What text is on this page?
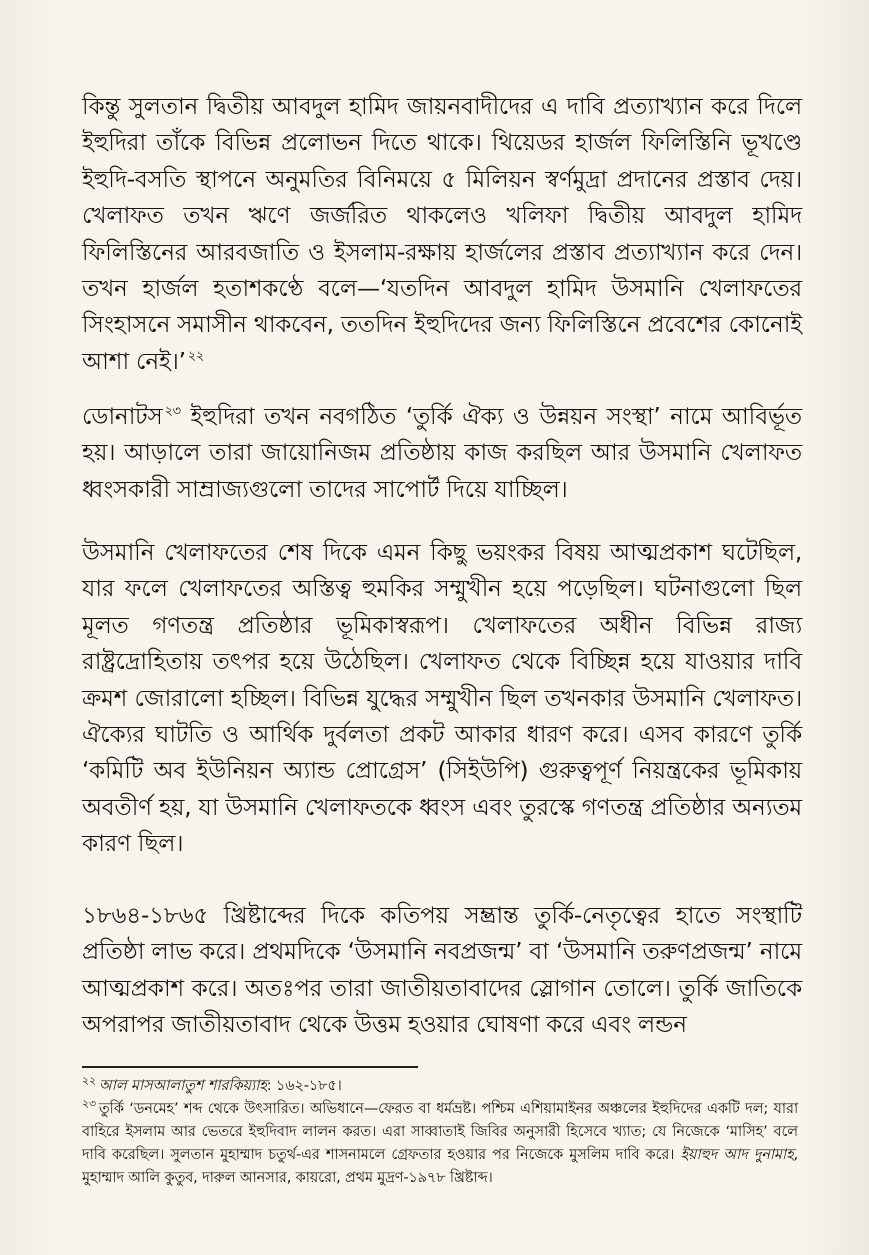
কিন্তু সুলতান দ্বিতীয় আবদুল হামিদ জায়নবাদীদের এ দাবি প্রত্যাখ্যান করে দিলে ইহুদিরা তাঁকে বিভিন্ন প্রলোভন দিতে থাকে। থিয়েডর হার্জল ফিলিস্তিনি ভূখণ্ডে ইহুদি-বসতি স্থাপনে অনুমতির বিনিময়ে ৫ মিলিয়ন স্বর্ণমুদ্রা প্রদানের প্রস্তাব দেয়। খেলাফত তখন ঋণে জর্জরিত থাকলেও খলিফা দ্বিতীয় আবদুল হামিদ ফিলিস্তিনের আরবজাতি ও ইসলাম-রক্ষায় হার্জলের প্রস্তাব প্রত্যাখ্যান করে দেন। তখন হার্জল হতাশকণ্ঠে বলে—‘যতদিন আবদুল হামিদ উসমানি খেলাফতের সিংহাসনে সমাসীন থাকবেন, ততদিন ইহুদিদের জন্য ফিলিস্তিনে প্রবেশের কোনোই আশা নেই।’ $^{২২}$

ডোনাটস $^{২৩}$ ইহুদিরা তখন নবগঠিত ‘তুর্কি ঐক্য ও উন্নয়ন সংস্থা’ নামে আবির্ভূত হয়। আড়ালে তারা জায়োনিজম প্রতিষ্ঠায় কাজ করছিল আর উসমানি খেলাফত ধ্বংসকারী সাম্রাজ্যগুলো তাদের সাপোর্ট দিয়ে যাচ্ছিল।

উসমানি খেলাফতের শেষ দিকে এমন কিছু ভয়ংকর বিষয় আত্মপ্রকাশ ঘটেছিল, যার ফলে খেলাফতের অস্তিত্ব হুমকির সম্মুখীন হয়ে পড়েছিল। ঘটনাগুলো ছিল মূলত গণতন্ত্র প্রতিষ্ঠার ভূমিকাস্বরূপ। খেলাফতের অধীন বিভিন্ন রাজ্য রাষ্ট্রদ্রোহিতায় তৎপর হয়ে উঠেছিল। খেলাফত থেকে বিচ্ছিন্ন হয়ে যাওয়ার দাবি ক্রমশ জোরালো হচ্ছিল। বিভিন্ন যুদ্ধের সম্মুখীন ছিল তখনকার উসমানি খেলাফত। ঐক্যের ঘাটতি ও আর্থিক দুর্বলতা প্রকট আকার ধারণ করে। এসব কারণে তুর্কি ‘কমিটি অব ইউনিয়ন অ্যান্ড প্রোগ্রেস’ (সিইউপি) গুরুত্বপূর্ণ নিয়ন্ত্রকের ভূমিকায় অবতীর্ণ হয়, যা উসমানি খেলাফতকে ধ্বংস এবং তুরস্কে গণতন্ত্র প্রতিষ্ঠার অন্যতম কারণ ছিল।

১৮৬৪-১৮৬৫ খ্রিষ্টাব্দের দিকে কতিপয় সম্ভ্রান্ত তুর্কি-নেতৃত্বের হাতে সংস্থাটি প্রতিষ্ঠা লাভ করে। প্রথমদিকে ‘উসমানি নবপ্রজন্ম’ বা ‘উসমানি তরুণপ্রজন্ম’ নামে আত্মপ্রকাশ করে। অতঃপর তারা জাতীয়তাবাদের স্লোগান তোলে। তুর্কি জাতিকে অপরাপর জাতীয়তাবাদ থেকে উত্তম হওয়ার ঘোষণা করে এবং লন্ডন

$^{২২}$ আল মাসআলাতুশ শারকিয়্যাহ: ১৬২-১৮৫।

$^{২৩}$ তুর্কি ‘ডনমেহ’ শব্দ থেকে উৎসারিত। অভিধানে—ফেরত বা ধর্মভ্রষ্ট। পশ্চিম এশিয়ামাইনর অঞ্চলের ইহুদিদের একটি দল; যারা বাহিরে ইসলাম আর ভেতরে ইহুদিবাদ লালন করত। এরা সাব্বাতাই জিবির অনুসারী হিসেবে খ্যাত; যে নিজেকে ‘মাসিহ’ বলে দাবি করেছিল। সুলতান মুহাম্মাদ চতুর্থ-এর শাসনামলে গ্রেফতার হওয়ার পর নিজেকে মুসলিম দাবি করে। ইয়াহুদ আদ দুনামাহ, মুহাম্মাদ আলি কুতুব, দারুল আনসার, কায়রো, প্রথম মুদ্রণ-১৯৭৮ খ্রিষ্টাব্দ।
